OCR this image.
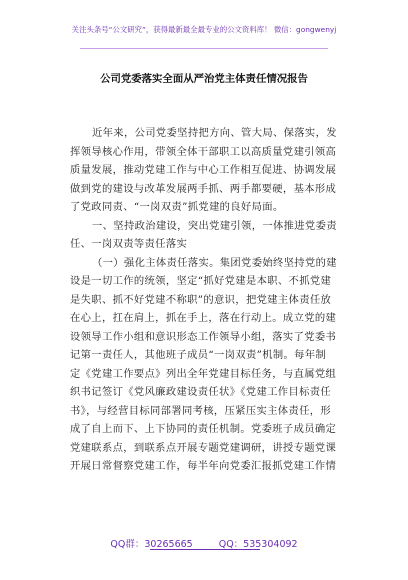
关注头条号“公文研究”，获得最新最全最专业的公文资料库！ 微信：gongwenyj
公司党委落实全面从严治党主体责任情况报告
近年来，公司党委坚持把方向、管大局、保落实，发
挥领导核心作用，带领全体干部职工以高质量党建引领高
质量发展，推动党建工作与中心工作相互促进、协调发展
做到党的建设与改革发展两手抓、两手都要硬，基本形成
了党政同责、“一岗双责”抓党建的良好局面。
一、坚持政治建设，突出党建引领，一体推进党委责
任、一岗双责等责任落实
（一）强化主体责任落实。集团党委始终坚持党的建
设是一切工作的统领，坚定“抓好党建是本职、不抓党建
是失职、抓不好党建不称职”的意识，把党建主体责任放
在心上，扛在肩上，抓在手上，落在行动上。成立党的建
设领导工作小组和意识形态工作领导小组，落实了党委书
记第一责任人，其他班子成员“一岗双责”机制。每年制
定《党建工作要点》列出全年党建目标任务，与直属党组
织书记签订《党风廉政建设责任状》《党建工作目标责任
书》，与经营目标同部署同考核，压紧压实主体责任，形
成了自上而下、上下协同的责任机制。党委班子成员确定
党建联系点，到联系点开展专题党建调研，讲授专题党课
开展日常督察党建工作，每半年向党委汇报抓党建工作情
QQ群：30265665	QQ：535304092
